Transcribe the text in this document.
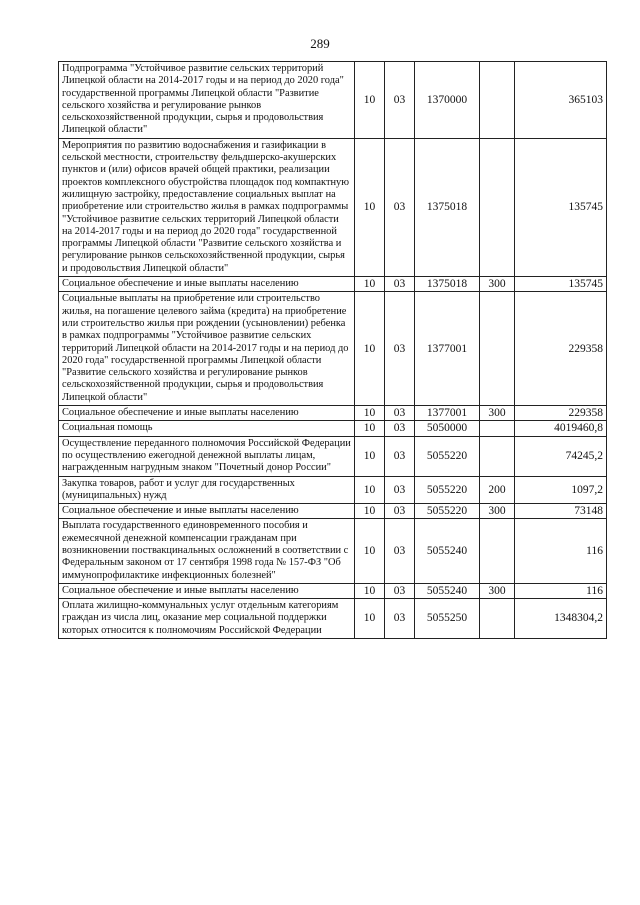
289
Подпрограмма "Устойчивое развитие сельских территорий Липецкой области на 2014-2017 годы и на период до 2020 года" государственной программы Липецкой области "Развитие сельского хозяйства и регулирование рынков сельскохозяйственной продукции, сырья и продовольствия Липецкой области"	10	03	1370000		365103
Мероприятия по развитию водоснабжения и газификации в сельской местности, строительству фельдшерско-акушерских пунктов и (или) офисов врачей общей практики, реализации проектов комплексного обустройства площадок под компактную жилищную застройку, предоставление социальных выплат на приобретение или строительство жилья в рамках подпрограммы "Устойчивое развитие сельских территорий Липецкой области на 2014-2017 годы и на период до 2020 года" государственной программы Липецкой области "Развитие сельского хозяйства и регулирование рынков сельскохозяйственной продукции, сырья и продовольствия Липецкой области"	10	03	1375018		135745
Социальное обеспечение и иные выплаты населению	10	03	1375018	300	135745
Социальные выплаты на приобретение или строительство жилья, на погашение целевого займа (кредита) на приобретение или строительство жилья при рождении (усыновлении) ребенка в рамках подпрограммы "Устойчивое развитие сельских территорий Липецкой области на 2014-2017 годы и на период до 2020 года" государственной программы Липецкой области "Развитие сельского хозяйства и регулирование рынков сельскохозяйственной продукции, сырья и продовольствия Липецкой области"	10	03	1377001		229358
Социальное обеспечение и иные выплаты населению	10	03	1377001	300	229358
Социальная помощь	10	03	5050000		4019460,8
Осуществление переданного полномочия Российской Федерации по осуществлению ежегодной денежной выплаты лицам, награжденным нагрудным знаком "Почетный донор России"	10	03	5055220		74245,2
Закупка товаров, работ и услуг для государственных (муниципальных) нужд	10	03	5055220	200	1097,2
Социальное обеспечение и иные выплаты населению	10	03	5055220	300	73148
Выплата государственного единовременного пособия и ежемесячной денежной компенсации гражданам при возникновении поствакцинальных осложнений в соответствии с Федеральным законом от 17 сентября 1998 года № 157-ФЗ "Об иммунопрофилактике инфекционных болезней"	10	03	5055240		116
Социальное обеспечение и иные выплаты населению	10	03	5055240	300	116
Оплата жилищно-коммунальных услуг отдельным категориям граждан из числа лиц, оказание мер социальной поддержки которых относится к полномочиям Российской Федерации	10	03	5055250		1348304,2
